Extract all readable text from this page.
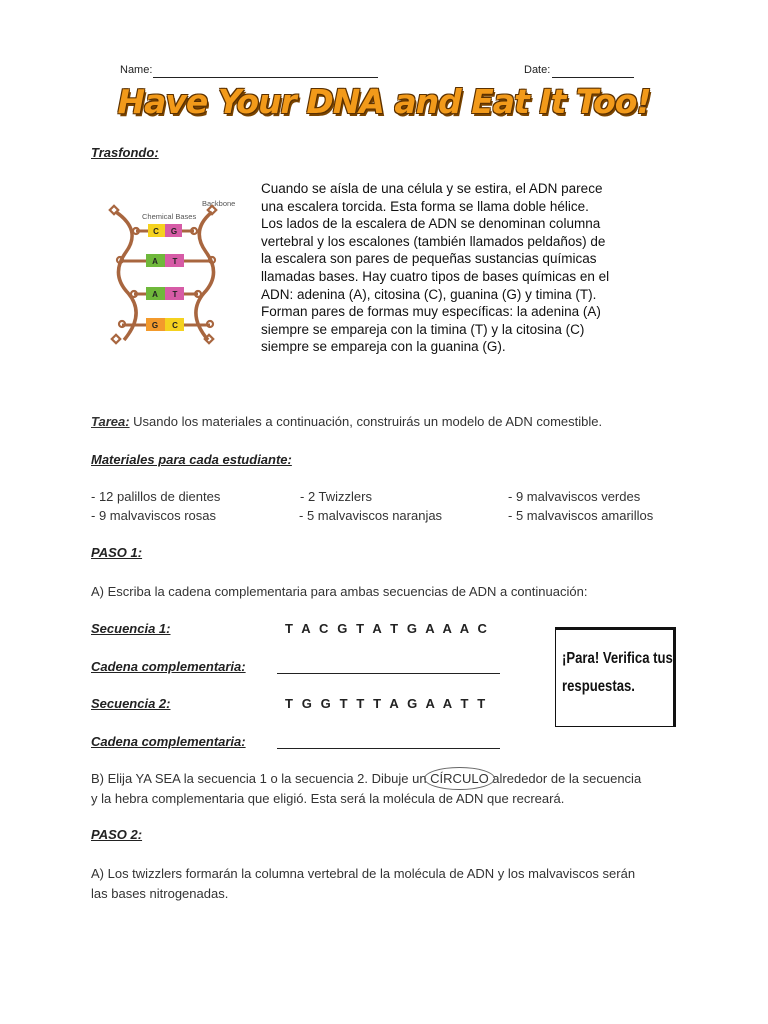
Name:	Date:
Have Your DNA and Eat It Too!
Trasfondo:
Backbone
Chemical Bases
C G
A T
A T
G C
Cuando se aísla de una célula y se estira, el ADN parece
una escalera torcida. Esta forma se llama doble hélice.
Los lados de la escalera de ADN se denominan columna
vertebral y los escalones (también llamados peldaños) de
la escalera son pares de pequeñas sustancias químicas
llamadas bases. Hay cuatro tipos de bases químicas en el
ADN: adenina (A), citosina (C), guanina (G) y timina (T).
Forman pares de formas muy específicas: la adenina (A)
siempre se empareja con la timina (T) y la citosina (C)
siempre se empareja con la guanina (G).
Tarea: Usando los materiales a continuación, construirás un modelo de ADN comestible.
Materiales para cada estudiante:
- 12 palillos de dientes	- 2 Twizzlers	- 9 malvaviscos verdes
- 9 malvaviscos rosas	- 5 malvaviscos naranjas	- 5 malvaviscos amarillos
PASO 1:
A) Escriba la cadena complementaria para ambas secuencias de ADN a continuación:
Secuencia 1:	T A C G T A T G A A A C
Cadena complementaria:
Secuencia 2:	T G G T T T A G A A T T
Cadena complementaria:
¡Para! Verifica tus
respuestas.
B) Elija YA SEA la secuencia 1 o la secuencia 2. Dibuje un CÍRCULO
alrededor de la secuencia
y la hebra complementaria que eligió. Esta será la molécula de ADN que recreará.
PASO 2:
A) Los twizzlers formarán la columna vertebral de la molécula de ADN y los malvaviscos serán
las bases nitrogenadas.
